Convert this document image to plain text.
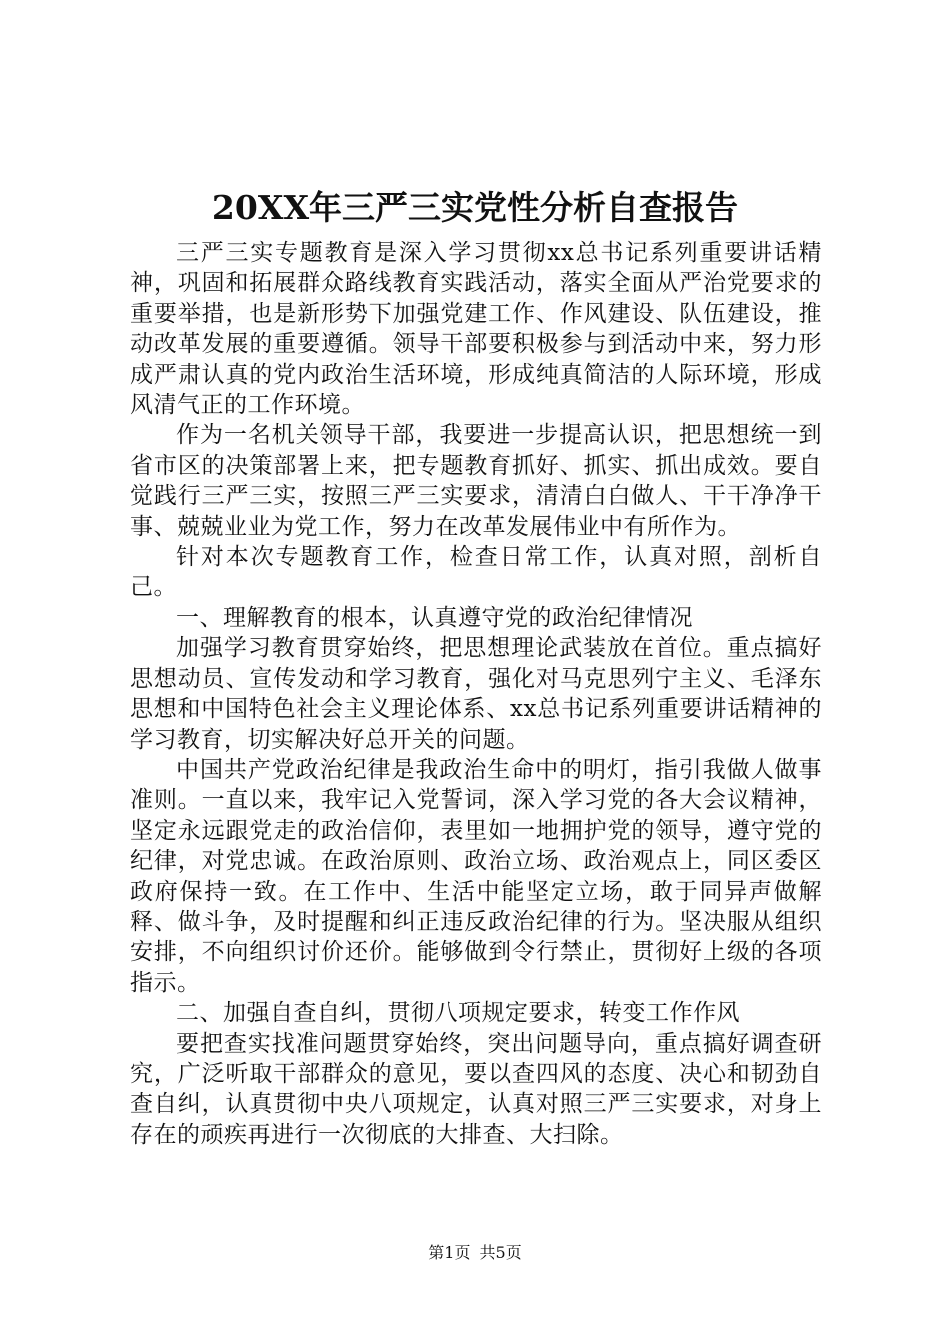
20XX年三严三实党性分析自查报告

三严三实专题教育是深入学习贯彻xx总书记系列重要讲话精神，巩固和拓展群众路线教育实践活动，落实全面从严治党要求的重要举措，也是新形势下加强党建工作、作风建设、队伍建设，推动改革发展的重要遵循。领导干部要积极参与到活动中来，努力形成严肃认真的党内政治生活环境，形成纯真简洁的人际环境，形成风清气正的工作环境。

作为一名机关领导干部，我要进一步提高认识，把思想统一到省市区的决策部署上来，把专题教育抓好、抓实、抓出成效。要自觉践行三严三实，按照三严三实要求，清清白白做人、干干净净干事、兢兢业业为党工作，努力在改革发展伟业中有所作为。

针对本次专题教育工作，检查日常工作，认真对照，剖析自己。

一、理解教育的根本，认真遵守党的政治纪律情况

加强学习教育贯穿始终，把思想理论武装放在首位。重点搞好思想动员、宣传发动和学习教育，强化对马克思列宁主义、毛泽东思想和中国特色社会主义理论体系、xx总书记系列重要讲话精神的学习教育，切实解决好总开关的问题。

中国共产党政治纪律是我政治生命中的明灯，指引我做人做事准则。一直以来，我牢记入党誓词，深入学习党的各大会议精神，坚定永远跟党走的政治信仰，表里如一地拥护党的领导，遵守党的纪律，对党忠诚。在政治原则、政治立场、政治观点上，同区委区政府保持一致。在工作中、生活中能坚定立场，敢于同异声做解释、做斗争，及时提醒和纠正违反政治纪律的行为。坚决服从组织安排，不向组织讨价还价。能够做到令行禁止，贯彻好上级的各项指示。

二、加强自查自纠，贯彻八项规定要求，转变工作作风

要把查实找准问题贯穿始终，突出问题导向，重点搞好调查研究，广泛听取干部群众的意见，要以查四风的态度、决心和韧劲自查自纠，认真贯彻中央八项规定，认真对照三严三实要求，对身上存在的顽疾再进行一次彻底的大排查、大扫除。

第1页 共5页
